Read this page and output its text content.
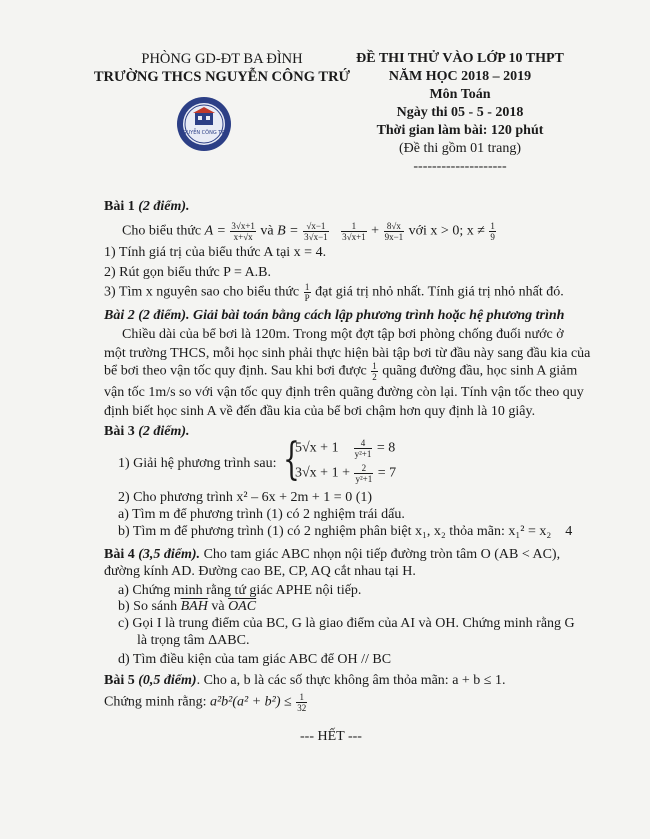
PHÒNG GD-ĐT BA ĐÌNH
TRƯỜNG THCS NGUYỄN CÔNG TRỨ
NGUYỄN CÔNG TRỨ
ĐỀ THI THỬ VÀO LỚP 10 THPT
NĂM HỌC 2018 – 2019
Môn Toán
Ngày thi 05 - 5 - 2018
Thời gian làm bài: 120 phút
(Đề thi gồm 01 trang)
--------------------
Bài 1 (2 điểm).
Cho biểu thức $A = \frac{3√x+1}{x+√x}$ và $B = \frac{√x-1}{3√x-1}$
$\frac{1}{3√x+1} + \frac{8√x}{9x-1}$ với x > 0; $x \ne \frac{1}{9}$
1) Tính giá trị của biểu thức A tại x = 4.
2) Rút gọn biểu thức P = A.B.
3) Tìm x nguyên sao cho biểu thức $\frac{1}{P}$ đạt giá trị nhỏ nhất. Tính giá trị nhỏ nhất đó.
Bài 2 (2 điểm). Giải bài toán bằng cách lập phương trình hoặc hệ phương trình
Chiều dài của bể bơi là 120m. Trong một đợt tập bơi phòng chống đuối nước ở
một trường THCS, mỗi học sinh phải thực hiện bài tập bơi từ đầu này sang đầu kia của
bể bơi theo vận tốc quy định. Sau khi bơi được $\frac{1}{2}$ quãng đường đầu, học sinh A giảm
vận tốc 1m/s so với vận tốc quy định trên quãng đường còn lại. Tính vận tốc theo quy
định biết học sinh A về đến đầu kia của bể bơi chậm hơn quy định là 10 giây.
Bài 3 (2 điểm).
1) Giải hệ phương trình sau: {
$5√x + 1 \frac{4}{\text{y²+1}} = 8$
$3√x + 1 + \frac{2}{\text{y²+1}} = 7$
2) Cho phương trình x² – 6x + 2m + 1 = 0 (1)
a) Tìm m để phương trình (1) có 2 nghiệm trái dấu.
b) Tìm m để phương trình (1) có 2 nghiệm phân biệt x₁, x₂ thỏa mãn: x₁² = x₂ 4
Bài 4 (3,5 điểm). Cho tam giác ABC nhọn nội tiếp đường tròn tâm O (AB < AC),
đường kính AD. Đường cao BE, CP, AQ cắt nhau tại H.
a) Chứng minh rằng tứ giác APHE nội tiếp.
b) So sánh $\overline{BAH}$ và $\overline{OAC}$
c) Gọi I là trung điểm của BC, G là giao điểm của AI và OH. Chứng minh rằng G
là trọng tâm ΔABC.
d) Tìm điều kiện của tam giác ABC để OH // BC
Bài 5 (0,5 điểm). Cho a, b là các số thực không âm thỏa mãn: a + b ≤ 1.
Chứng minh rằng: $a^2b^2(a^2 + b^2) \le \frac{1}{32}$
--- HẾT ---
